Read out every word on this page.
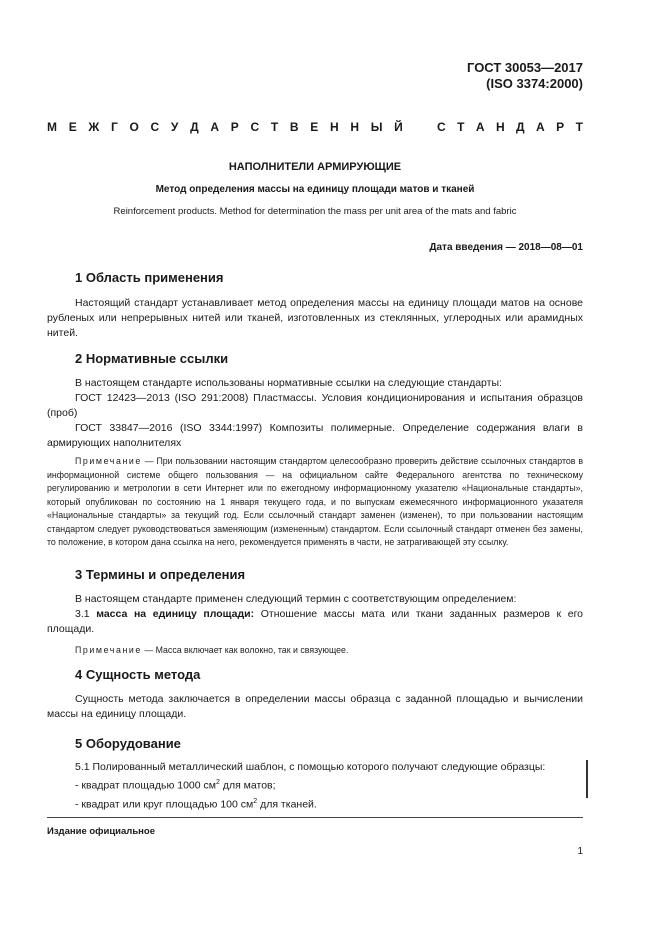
ГОСТ 30053—2017
(ISO 3374:2000)
М Е Ж Г О С У Д А Р С Т В Е Н Н Ы Й	С Т А Н Д А Р Т
НАПОЛНИТЕЛИ АРМИРУЮЩИЕ
Метод определения массы на единицу площади матов и тканей
Reinforcement products. Method for determination the mass per unit area of the mats and fabric
Дата введения — 2018—08—01
1 Область применения

Настоящий стандарт устанавливает метод определения массы на единицу площади матов на основе рубленых или непрерывных нитей или тканей, изготовленных из стеклянных, углеродных или арамидных нитей.

2 Нормативные ссылки

В настоящем стандарте использованы нормативные ссылки на следующие стандарты:

ГОСТ 12423—2013 (ISO 291:2008) Пластмассы. Условия кондиционирования и испытания образцов (проб)

ГОСТ 33847—2016 (ISO 3344:1997) Композиты полимерные. Определение содержания влаги в армирующих наполнителях

Примечание — При пользовании настоящим стандартом целесообразно проверить действие ссылочных стандартов в информационной системе общего пользования — на официальном сайте Федерального агентства по техническому регулированию и метрологии в сети Интернет или по ежегодному информационному указателю «Национальные стандарты», который опубликован по состоянию на 1 января текущего года, и по выпускам ежемесячного информационного указателя «Национальные стандарты» за текущий год. Если ссылочный стандарт заменен (изменен), то при пользовании настоящим стандартом следует руководствоваться заменяющим (измененным) стандартом. Если ссылочный стандарт отменен без замены, то положение, в котором дана ссылка на него, рекомендуется применять в части, не затрагивающей эту ссылку.

3 Термины и определения

В настоящем стандарте применен следующий термин с соответствующим определением:

3.1 масса на единицу площади: Отношение массы мата или ткани заданных размеров к его площади.

Примечание — Масса включает как волокно, так и связующее.

4 Сущность метода

Сущность метода заключается в определении массы образца с заданной площадью и вычислении массы на единицу площади.

5 Оборудование

5.1 Полированный металлический шаблон, с помощью которого получают следующие образцы:

- квадрат площадью 1000 $см^2$ для матов;

- квадрат или круг площадью 100 $см^2$ для тканей.

Издание официальное
1
